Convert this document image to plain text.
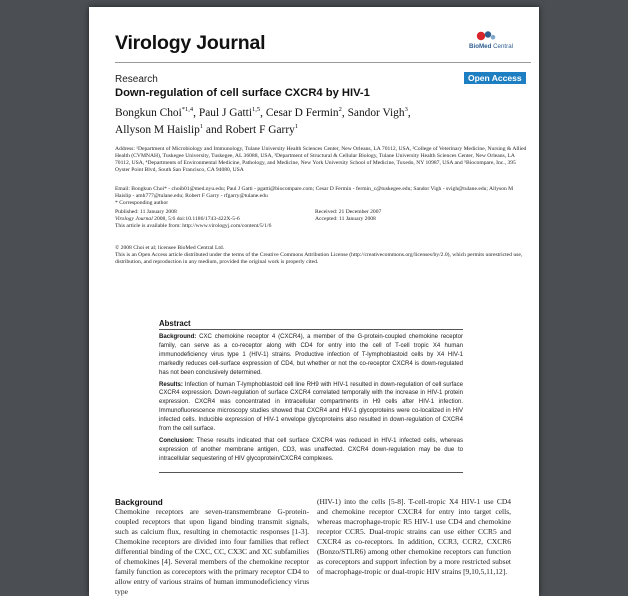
Virology Journal	BioMed Central
Research	Open Access
Down-regulation of cell surface CXCR4 by HIV-1
Bongkun Choi$^{*1,4}$, Paul J Gatti$^{1,5}$, Cesar D Fermin$^2$, Sandor Vigh$^3$,
Allyson M Haislip$^1$ and Robert F Garry$^1$
Address: ¹Department of Microbiology and Immunology, Tulane University Health Sciences Center, New Orleans, LA 70112, USA, ²College of Veterinary Medicine, Nursing & Allied Health (CVMNAH), Tuskegee University, Tuskegee, AL 36088, USA, ³Department of Structural & Cellular Biology, Tulane University Health Sciences Center, New Orleans, LA 70112, USA, ⁴Departments of Environmental Medicine, Pathology, and Medicine, New York University School of Medicine, Tuxedo, NY 10987, USA and ⁵Biocompare, Inc., 395 Oyster Point Blvd, South San Francisco, CA 94080, USA
Email: Bongkun Choi* - choib01@med.nyu.edu; Paul J Gatti - pgatti@biocompare.com; Cesar D Fermin - fermin_c@tuskegee.edu; Sandor Vigh - svigh@tulane.edu; Allyson M Haislip - amh777@tulane.edu; Robert F Garry - rfgarry@tulane.edu
* Corresponding author
Published: 11 January 2008
Virology Journal 2008, 5:6 doi:10.1186/1743-422X-5-6
This article is available from: http://www.virologyj.com/content/5/1/6
Received: 21 December 2007
Accepted: 11 January 2008
© 2008 Choi et al; licensee BioMed Central Ltd.
This is an Open Access article distributed under the terms of the Creative Commons Attribution License (http://creativecommons.org/licenses/by/2.0), which permits unrestricted use, distribution, and reproduction in any medium, provided the original work is properly cited.
Abstract

Background: CXC chemokine receptor 4 (CXCR4), a member of the G-protein-coupled chemokine receptor family, can serve as a co-receptor along with CD4 for entry into the cell of T-cell tropic X4 human immunodeficiency virus type 1 (HIV-1) strains. Productive infection of T-lymphoblastoid cells by X4 HIV-1 markedly reduces cell-surface expression of CD4, but whether or not the co-receptor CXCR4 is down-regulated has not been conclusively determined.

Results: Infection of human T-lymphoblastoid cell line RH9 with HIV-1 resulted in down-regulation of cell surface CXCR4 expression. Down-regulation of surface CXCR4 correlated temporally with the increase in HIV-1 protein expression. CXCR4 was concentrated in intracellular compartments in H9 cells after HIV-1 infection. Immunofluorescence microscopy studies showed that CXCR4 and HIV-1 glycoproteins were co-localized in HIV infected cells. Inducible expression of HIV-1 envelope glycoproteins also resulted in down-regulation of CXCR4 from the cell surface.

Conclusion: These results indicated that cell surface CXCR4 was reduced in HIV-1 infected cells, whereas expression of another membrane antigen, CD3, was unaffected. CXCR4 down-regulation may be due to intracellular sequestering of HIV glycoprotein/CXCR4 complexes.

Background
Chemokine receptors are seven-transmembrane G-protein-coupled receptors that upon ligand binding transmit signals, such as calcium flux, resulting in chemotactic responses [1-3]. Chemokine receptors are divided into four families that reflect differential binding of the CXC, CC, CX3C and XC subfamilies of chemokines [4]. Several members of the chemokine receptor family function as coreceptors with the primary receptor CD4 to allow entry of various strains of human immunodeficiency virus type
(HIV-1) into the cells [5-8]. T-cell-tropic X4 HIV-1 use CD4 and chemokine receptor CXCR4 for entry into target cells, whereas macrophage-tropic R5 HIV-1 use CD4 and chemokine receptor CCR5. Dual-tropic strains can use either CCR5 and CXCR4 as co-receptors. In addition, CCR3, CCR2, CXCR6 (Bonzo/STLR6) among other chemokine receptors can function as coreceptors and support infection by a more restricted subset of macrophage-tropic or dual-tropic HIV strains [9,10,5,11,12].
